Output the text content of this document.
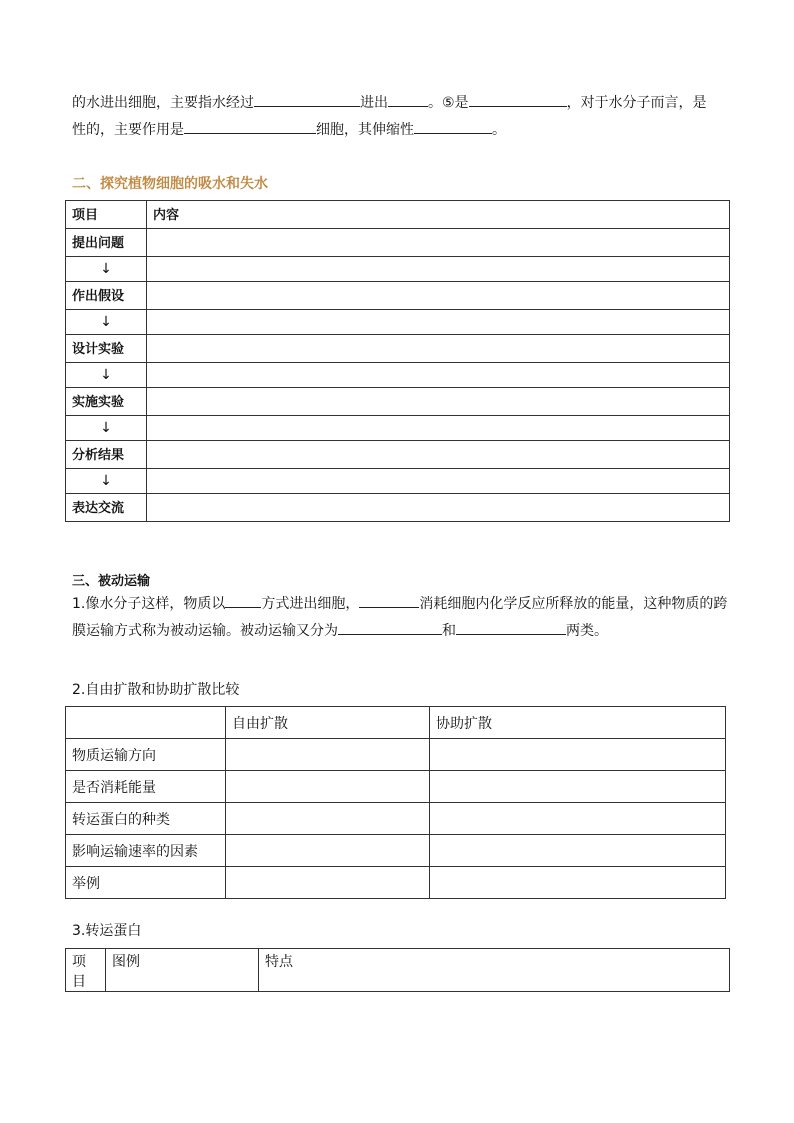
的水进出细胞，主要指水经过	进出	。⑤是	，对于水分子而言，是
性的，主要作用是	细胞，其伸缩性	。
二、探究植物细胞的吸水和失水
项目	内容
提出问题	
↓	
作出假设	
↓	
设计实验	
↓	
实施实验	
↓	
分析结果	
↓	
表达交流	
三、被动运输
1.像水分子这样，物质以	方式进出细胞，	消耗细胞内化学反应所释放的能量，这种物质的跨
膜运输方式称为被动运输。被动运输又分为	和	两类。
2.自由扩散和协助扩散比较
	自由扩散	协助扩散
物质运输方向		
是否消耗能量		
转运蛋白的种类		
影响运输速率的因素		
举例		
3.转运蛋白
项目	图例	特点
